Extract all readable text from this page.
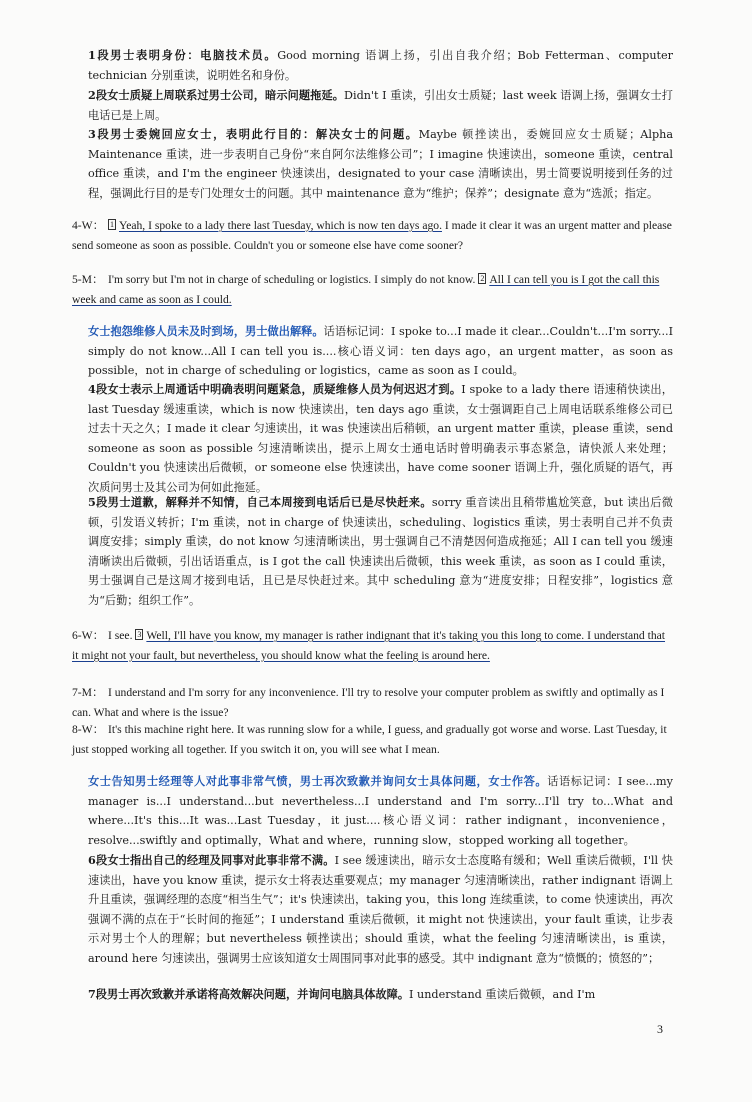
1段男士表明身份：电脑技术员。Good morning 语调上扬，引出自我介绍；Bob Fetterman、computer technician 分别重读，说明姓名和身份。

2段女士质疑上周联系过男士公司，暗示问题拖延。Didn't I 重读，引出女士质疑；last week 语调上扬，强调女士打电话已是上周。

3段男士委婉回应女士，表明此行目的：解决女士的问题。Maybe 顿挫读出，委婉回应女士质疑；Alpha Maintenance 重读，进一步表明自己身份“来自阿尔法维修公司”；I imagine 快速读出，someone 重读，central office 重读，and I'm the engineer 快速读出，designated to your case 清晰读出，男士简要说明接到任务的过程，强调此行目的是专门处理女士的问题。其中 maintenance 意为“维护；保养”；designate 意为“选派；指定。

4-W： 1 Yeah, I spoke to a lady there last Tuesday, which is now ten days ago. I made it clear it was an urgent matter and please send someone as soon as possible. Couldn't you or someone else have come sooner?
5-M： I'm sorry but I'm not in charge of scheduling or logistics. I simply do not know. 2 All I can tell you is I got the call this week and came as soon as I could.

女士抱怨维修人员未及时到场，男士做出解释。话语标记词：I spoke to...I made it clear...Couldn't...I'm sorry...I simply do not know...All I can tell you is....核心语义词：ten days ago，an urgent matter，as soon as possible，not in charge of scheduling or logistics，came as soon as I could。

4段女士表示上周通话中明确表明问题紧急，质疑维修人员为何迟迟才到。I spoke to a lady there 语速稍快读出，last Tuesday 缓速重读，which is now 快速读出，ten days ago 重读，女士强调距自己上周电话联系维修公司已过去十天之久；I made it clear 匀速读出，it was 快速读出后稍顿，an urgent matter 重读，please 重读，send someone as soon as possible 匀速清晰读出，提示上周女士通电话时曾明确表示事态紧急，请快派人来处理；Couldn't you 快速读出后微顿，or someone else 快速读出，have come sooner 语调上升，强化质疑的语气，再次质问男士及其公司为何如此拖延。

5段男士道歉，解释并不知情，自己本周接到电话后已是尽快赶来。sorry 重音读出且稍带尴尬笑意，but 读出后微顿，引发语义转折；I'm 重读，not in charge of 快速读出，scheduling、logistics 重读，男士表明自己并不负责调度安排；simply 重读，do not know 匀速清晰读出，男士强调自己不清楚因何造成拖延；All I can tell you 缓速清晰读出后微顿，引出话语重点，is I got the call 快速读出后微顿，this week 重读，as soon as I could 重读，男士强调自己是这周才接到电话，且已是尽快赶过来。其中 scheduling 意为“进度安排；日程安排”，logistics 意为“后勤；组织工作”。

6-W： I see. 3 Well, I'll have you know, my manager is rather indignant that it's taking you this long to come. I understand that it might not your fault, but nevertheless, you should know what the feeling is around here.
7-M： I understand and I'm sorry for any inconvenience. I'll try to resolve your computer problem as swiftly and optimally as I can. What and where is the issue?
8-W： It's this machine right here. It was running slow for a while, I guess, and gradually got worse and worse. Last Tuesday, it just stopped working all together. If you switch it on, you will see what I mean.

女士告知男士经理等人对此事非常气愤，男士再次致歉并询问女士具体问题，女士作答。话语标记词：I see...my manager is...I understand...but nevertheless...I understand and I'm sorry...I'll try to...What and where...It's this...It was...Last Tuesday，it just....核心语义词：rather indignant，inconvenience，resolve...swiftly and optimally，What and where，running slow，stopped working all together。

6段女士指出自己的经理及同事对此事非常不满。I see 缓速读出，暗示女士态度略有缓和；Well 重读后微顿，I'll 快速读出，have you know 重读，提示女士将表达重要观点；my manager 匀速清晰读出，rather indignant 语调上升且重读，强调经理的态度“相当生气”；it's 快速读出，taking you，this long 连续重读，to come 快速读出，再次强调不满的点在于“长时间的拖延”；I understand 重读后微顿，it might not 快速读出，your fault 重读，让步表示对男士个人的理解；but nevertheless 顿挫读出；should 重读，what the feeling 匀速清晰读出，is 重读，around here 匀速读出，强调男士应该知道女士周围同事对此事的感受。其中 indignant 意为“愤慨的；愤怒的”；

7段男士再次致歉并承诺将高效解决问题，并询问电脑具体故障。I understand 重读后微顿，and I'm

3
